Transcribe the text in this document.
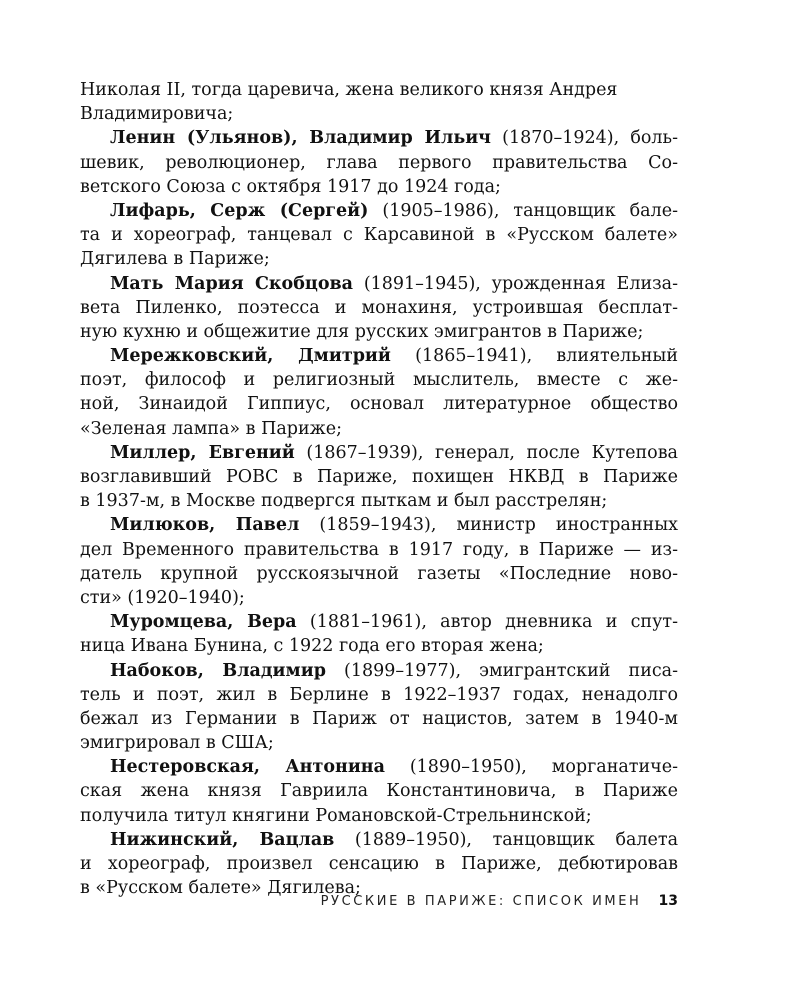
Николая II, тогда царевича, жена великого князя Андрея
Владимировича;
Ленин (Ульянов), Владимир Ильич (1870–1924), боль-
шевик, революционер, глава первого правительства Со-
ветского Союза с октября 1917 до 1924 года;
Лифарь, Серж (Сергей) (1905–1986), танцовщик бале-
та и хореограф, танцевал с Карсавиной в «Русском балете»
Дягилева в Париже;
Мать Мария Скобцова (1891–1945), урожденная Елиза-
вета Пиленко, поэтесса и монахиня, устроившая бесплат-
ную кухню и общежитие для русских эмигрантов в Париже;
Мережковский, Дмитрий (1865–1941), влиятельный
поэт, философ и религиозный мыслитель, вместе с же-
ной, Зинаидой Гиппиус, основал литературное общество
«Зеленая лампа» в Париже;
Миллер, Евгений (1867–1939), генерал, после Кутепова
возглавивший РОВС в Париже, похищен НКВД в Париже
в 1937-м, в Москве подвергся пыткам и был расстрелян;
Милюков, Павел (1859–1943), министр иностранных
дел Временного правительства в 1917 году, в Париже — из-
датель крупной русскоязычной газеты «Последние ново-
сти» (1920–1940);
Муромцева, Вера (1881–1961), автор дневника и спут-
ница Ивана Бунина, с 1922 года его вторая жена;
Набоков, Владимир (1899–1977), эмигрантский писа-
тель и поэт, жил в Берлине в 1922–1937 годах, ненадолго
бежал из Германии в Париж от нацистов, затем в 1940-м
эмигрировал в США;
Нестеровская, Антонина (1890–1950), морганатиче-
ская жена князя Гавриила Константиновича, в Париже
получила титул княгини Романовской-Стрельнинской;
Нижинский, Вацлав (1889–1950), танцовщик балета
и хореограф, произвел сенсацию в Париже, дебютировав
в «Русском балете» Дягилева;
РУССКИЕ В ПАРИЖЕ: СПИСОК ИМЕН 13
